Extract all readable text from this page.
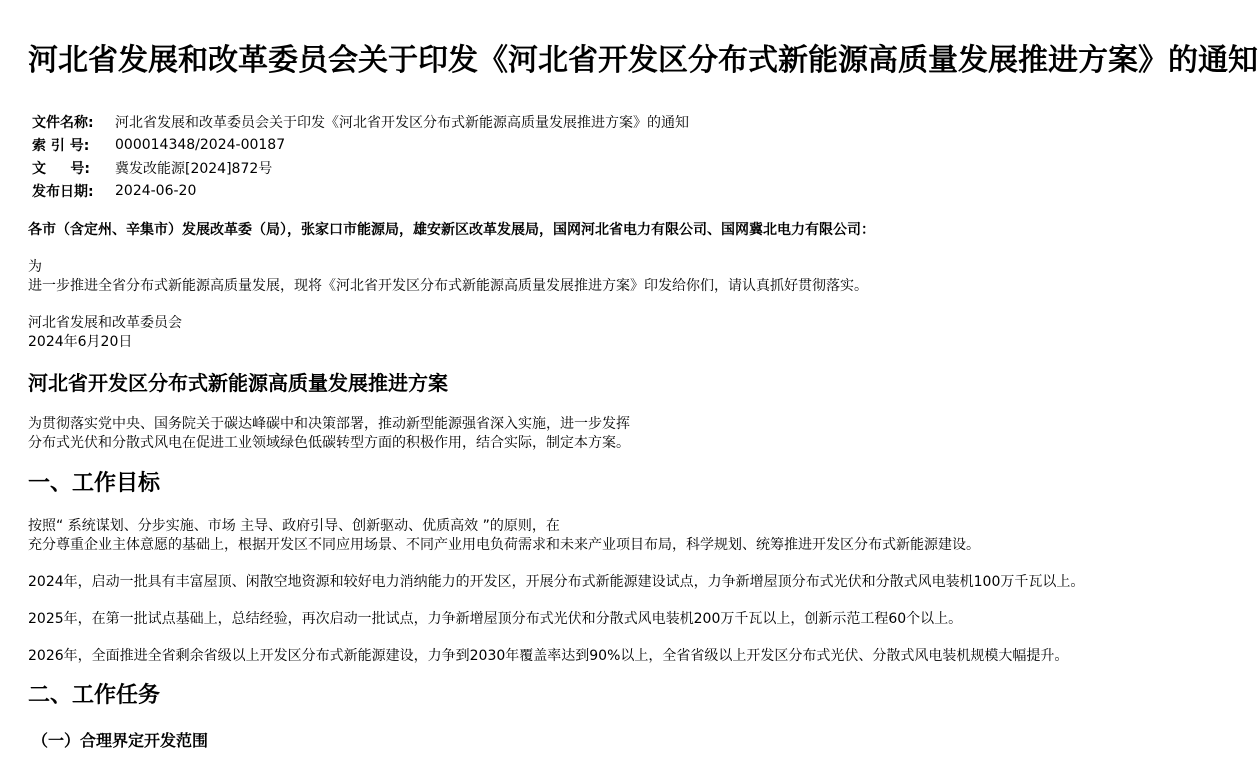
河北省发展和改革委员会关于印发《河北省开发区分布式新能源高质量发展推进方案》的通知
文件名称:	河北省发展和改革委员会关于印发《河北省开发区分布式新能源高质量发展推进方案》的通知
索 引 号:	000014348/2024-00187
文     号:	冀发改能源[2024]872号
发布日期:	2024-06-20

各市（含定州、辛集市）发展改革委（局），张家口市能源局，雄安新区改革发展局，国网河北省电力有限公司、国网冀北电力有限公司：

为

进一步推进全省分布式新能源高质量发展，现将《河北省开发区分布式新能源高质量发展推进方案》印发给你们，请认真抓好贯彻落实。

河北省发展和改革委员会

2024年6月20日

河北省开发区分布式新能源高质量发展推进方案

为贯彻落实党中央、国务院关于碳达峰碳中和决策部署，推动新型能源强省深入实施，进一步发挥

分布式光伏和分散式风电在促进工业领域绿色低碳转型方面的积极作用，结合实际，制定本方案。

一、工作目标

按照“ 系统谋划、分步实施、市场 主导、政府引导、创新驱动、优质高效 ”的原则，在

充分尊重企业主体意愿的基础上，根据开发区不同应用场景、不同产业用电负荷需求和未来产业项目布局，科学规划、统筹推进开发区分布式新能源建设。

2024年，启动一批具有丰富屋顶、闲散空地资源和较好电力消纳能力的开发区，开展分布式新能源建设试点，力争新增屋顶分布式光伏和分散式风电装机100万千瓦以上。

2025年，在第一批试点基础上，总结经验，再次启动一批试点，力争新增屋顶分布式光伏和分散式风电装机200万千瓦以上，创新示范工程60个以上。

2026年，全面推进全省剩余省级以上开发区分布式新能源建设，力争到2030年覆盖率达到90%以上，全省省级以上开发区分布式光伏、分散式风电装机规模大幅提升。

二、工作任务
（一）合理界定开发范围
